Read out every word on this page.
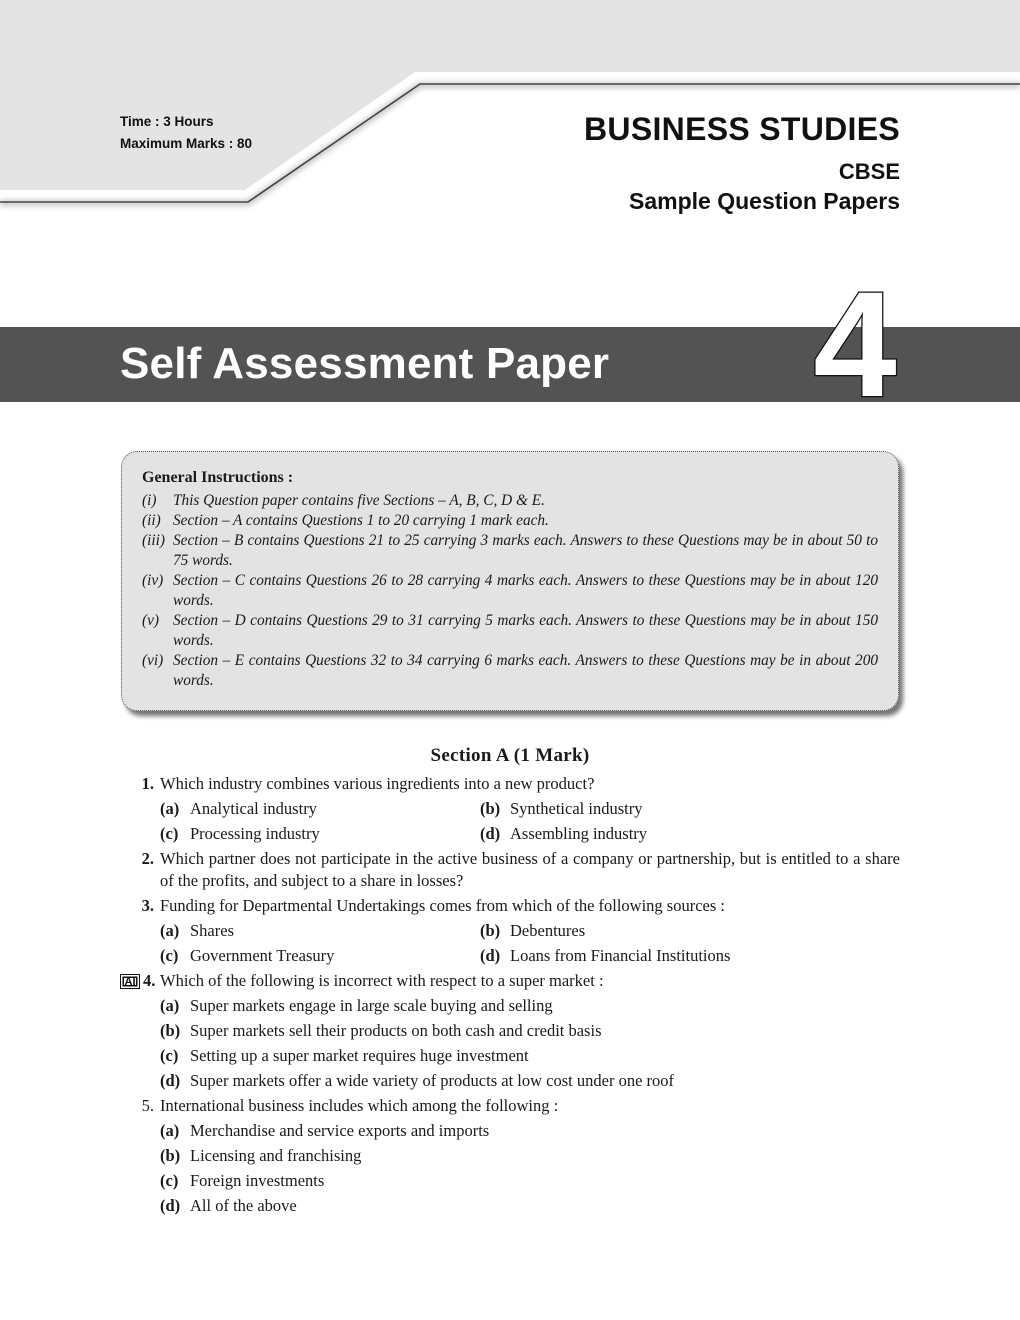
Time : 3 Hours
Maximum Marks : 80	BUSINESS STUDIES
CBSE
Sample Question Papers
Self Assessment Paper 4
General Instructions :
(i)	This Question paper contains five Sections – A, B, C, D & E.
(ii) Section – A contains Questions 1 to 20 carrying 1 mark each.
(iii) Section – B contains Questions 21 to 25 carrying 3 marks each. Answers to these Questions may be in about 50 to 75 words.
(iv) Section – C contains Questions 26 to 28 carrying 4 marks each. Answers to these Questions may be in about 120 words.
(v) Section – D contains Questions 29 to 31 carrying 5 marks each. Answers to these Questions may be in about 150 words.
(vi) Section – E contains Questions 32 to 34 carrying 6 marks each. Answers to these Questions may be in about 200 words.
Section A (1 Mark)
1. Which industry combines various ingredients into a new product?
(a) Analytical industry	(b) Synthetical industry
(c) Processing industry	(d) Assembling industry
2. Which partner does not participate in the active business of a company or partnership, but is entitled to a share of the profits, and subject to a share in losses?
3. Funding for Departmental Undertakings comes from which of the following sources :
(a) Shares	(b) Debentures
(c) Government Treasury	(d) Loans from Financial Institutions
AI 4. Which of the following is incorrect with respect to a super market :
(a) Super markets engage in large scale buying and selling
(b) Super markets sell their products on both cash and credit basis
(c) Setting up a super market requires huge investment
(d) Super markets offer a wide variety of products at low cost under one roof
5. International business includes which among the following :
(a) Merchandise and service exports and imports
(b) Licensing and franchising
(c) Foreign investments
(d) All of the above
